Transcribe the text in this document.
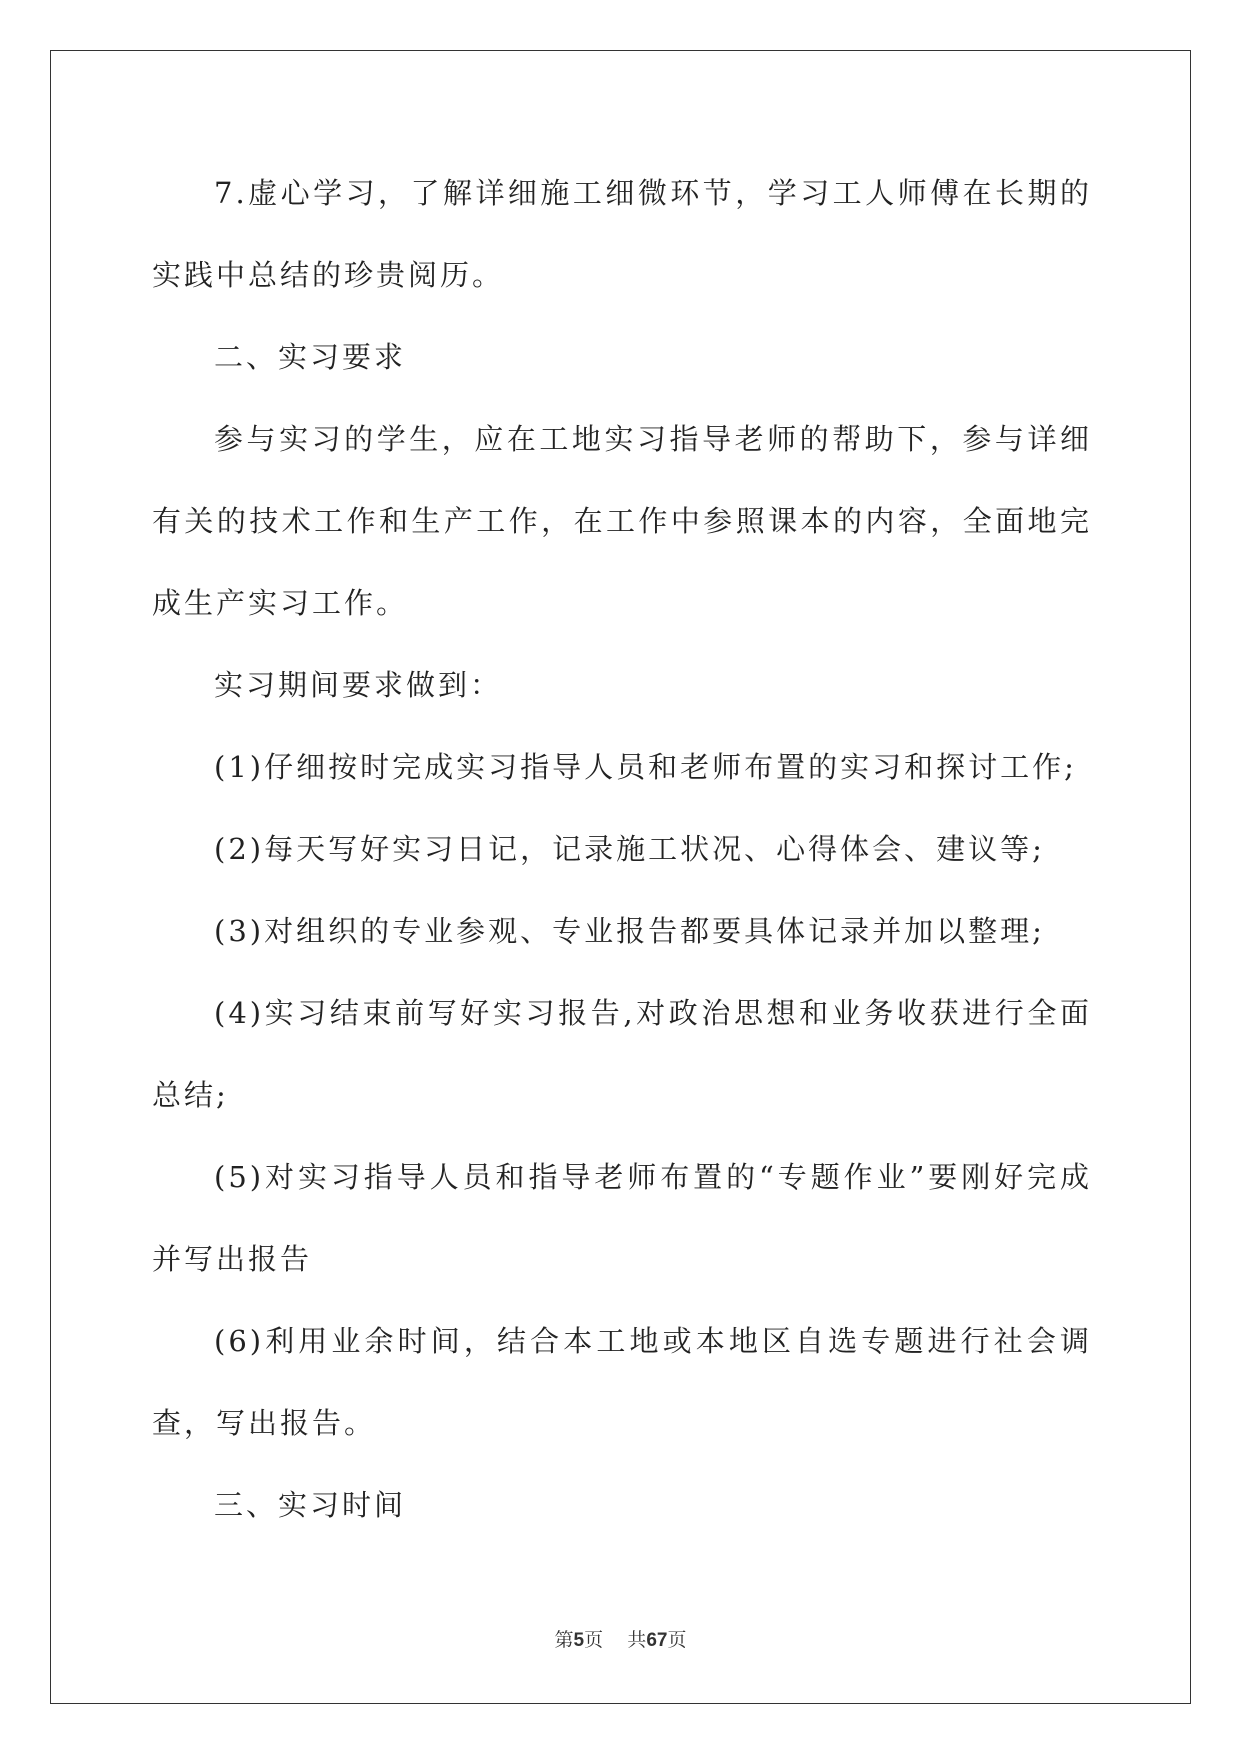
7.虚心学习，了解详细施工细微环节，学习工人师傅在长期的实践中总结的珍贵阅历。

二、实习要求

参与实习的学生，应在工地实习指导老师的帮助下，参与详细有关的技术工作和生产工作，在工作中参照课本的内容，全面地完成生产实习工作。

实习期间要求做到：

(1)仔细按时完成实习指导人员和老师布置的实习和探讨工作;

(2)每天写好实习日记，记录施工状况、心得体会、建议等;

(3)对组织的专业参观、专业报告都要具体记录并加以整理;

(4)实习结束前写好实习报告,对政治思想和业务收获进行全面总结;

(5)对实习指导人员和指导老师布置的“专题作业”要刚好完成并写出报告

(6)利用业余时间，结合本工地或本地区自选专题进行社会调查，写出报告。

三、实习时间

第5页 共67页
